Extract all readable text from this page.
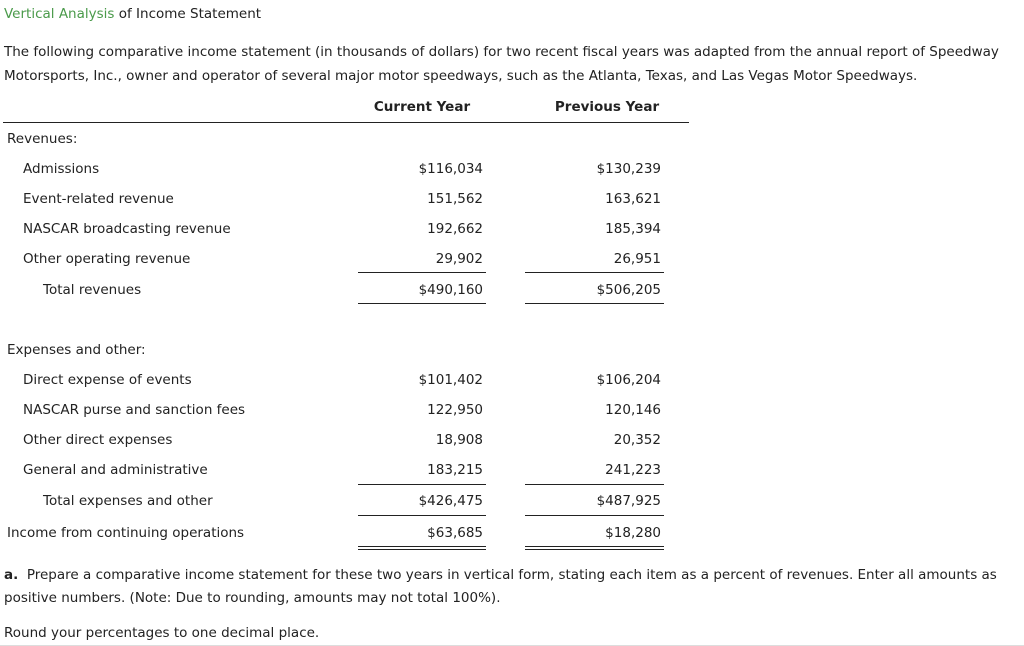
Vertical Analysis of Income Statement
The following comparative income statement (in thousands of dollars) for two recent fiscal years was adapted from the annual report of Speedway Motorsports, Inc., owner and operator of several major motor speedways, such as the Atlanta, Texas, and Las Vegas Motor Speedways.
Current Year	Previous Year
Revenues:
Admissions	$116,034	$130,239
Event-related revenue	151,562	163,621
NASCAR broadcasting revenue	192,662	185,394
Other operating revenue	29,902	26,951
Total revenues	$490,160	$506,205
Expenses and other:
Direct expense of events	$101,402	$106,204
NASCAR purse and sanction fees	122,950	120,146
Other direct expenses	18,908	20,352
General and administrative	183,215	241,223
Total expenses and other	$426,475	$487,925
Income from continuing operations	$63,685	$18,280
a. Prepare a comparative income statement for these two years in vertical form, stating each item as a percent of revenues. Enter all amounts as positive numbers. (Note: Due to rounding, amounts may not total 100%).
Round your percentages to one decimal place.
